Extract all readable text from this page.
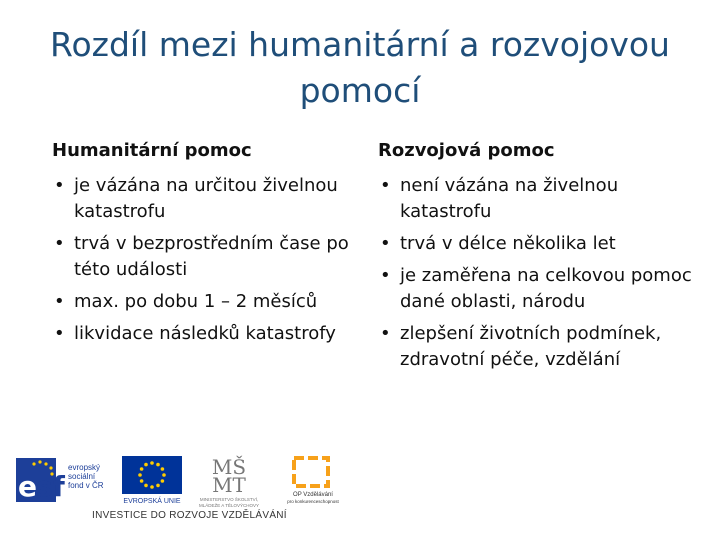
Rozdíl mezi humanitární a rozvojovou pomocí
Humanitární pomoc
• je vázána na určitou živelnou katastrofu
• trvá v bezprostředním čase po této události
• max. po dobu 1 – 2 měsíců
• likvidace následků katastrofy
Rozvojová pomoc
• není vázána na živelnou katastrofu
• trvá v délce několika let
• je zaměřena na celkovou pomoc dané oblasti, národu
• zlepšení životních podmínek, zdravotní péče, vzdělání
e sf
evropský
sociální
fond v ČR
EVROPSKÁ UNIE
MŠ
MT
MINISTERSTVO ŠKOLSTVÍ,
MLÁDEŽE A TĚLOVÝCHOVY
OP Vzdělávání
pro konkurenceschopnost
INVESTICE DO ROZVOJE VZDĚLÁVÁNÍ
